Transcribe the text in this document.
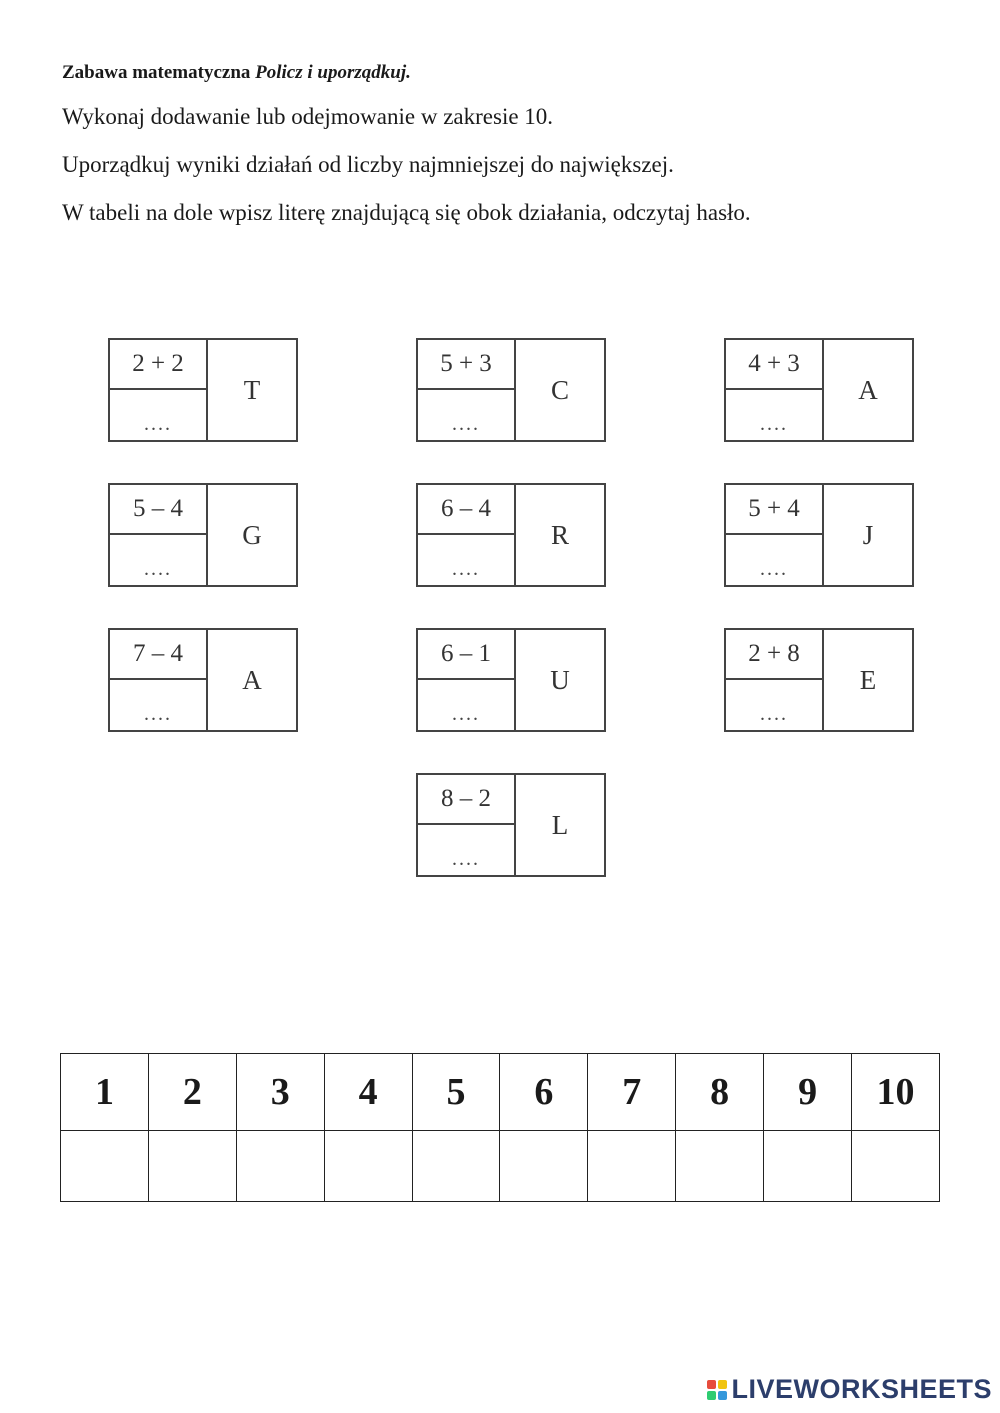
Zabawa matematyczna Policz i uporządkuj.

Wykonaj dodawanie lub odejmowanie w zakresie 10.

Uporządkuj wyniki działań od liczby najmniejszej do największej.

W tabeli na dole wpisz literę znajdującą się obok działania, odczytaj hasło.

2 + 2
....
T
5 + 3
....
C
4 + 3
....
A
5 – 4
....
G
6 – 4
....
R
5 + 4
....
J
7 – 4
....
A
6 – 1
....
U
2 + 8
....
E
8 – 2
....
L
1	2	3	4	5	6	7	8	9	10

LIVEWORKSHEETS
